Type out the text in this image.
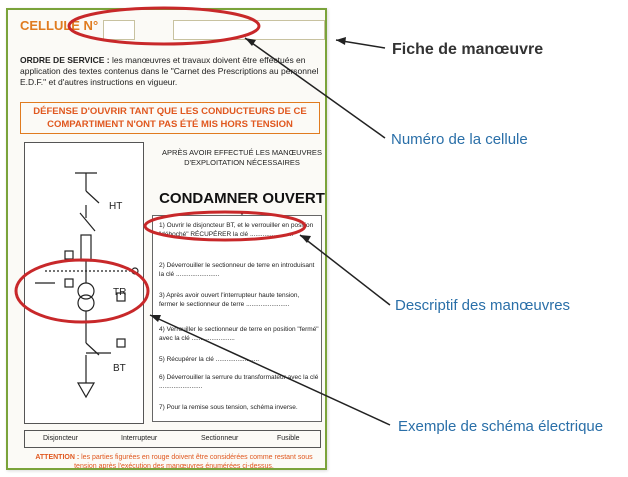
CELLULE N°
ORDRE DE SERVICE : les manœuvres et travaux doivent être effectués en application des textes contenus dans le "Carnet des Prescriptions au personnel E.D.F." et d'autres instructions en vigueur.
DÉFENSE D'OUVRIR TANT QUE LES CONDUCTEURS DE CE COMPARTIMENT N'ONT PAS ÉTÉ MIS HORS TENSION
HT
TR
BT
APRÈS AVOIR EFFECTUÉ LES MANŒUVRES D'EXPLOITATION NÉCESSAIRES
CONDAMNER OUVERT
1) Ouvrir le disjoncteur BT, et le verrouiller en position "déboché" RÉCUPÉRER la clé ........................
2) Déverrouiller le sectionneur de terre en introduisant la clé ........................
3) Après avoir ouvert l'interrupteur haute tension, fermer le sectionneur de terre ........................
4) Verrouiller le sectionneur de terre en position "fermé" avec la clé ........................
5) Récupérer la clé ........................
6) Déverrouiller la serrure du transformateur avec la clé ........................
7) Pour la remise sous tension, schéma inverse.
Disjoncteur	Interrupteur	Sectionneur	Fusible
ATTENTION : les parties figurées en rouge doivent être considérées comme restant sous tension après l'exécution des manœuvres énumérées ci-dessus.
Fiche de manœuvre
Numéro de la cellule
Descriptif des manœuvres
Exemple de schéma électrique
